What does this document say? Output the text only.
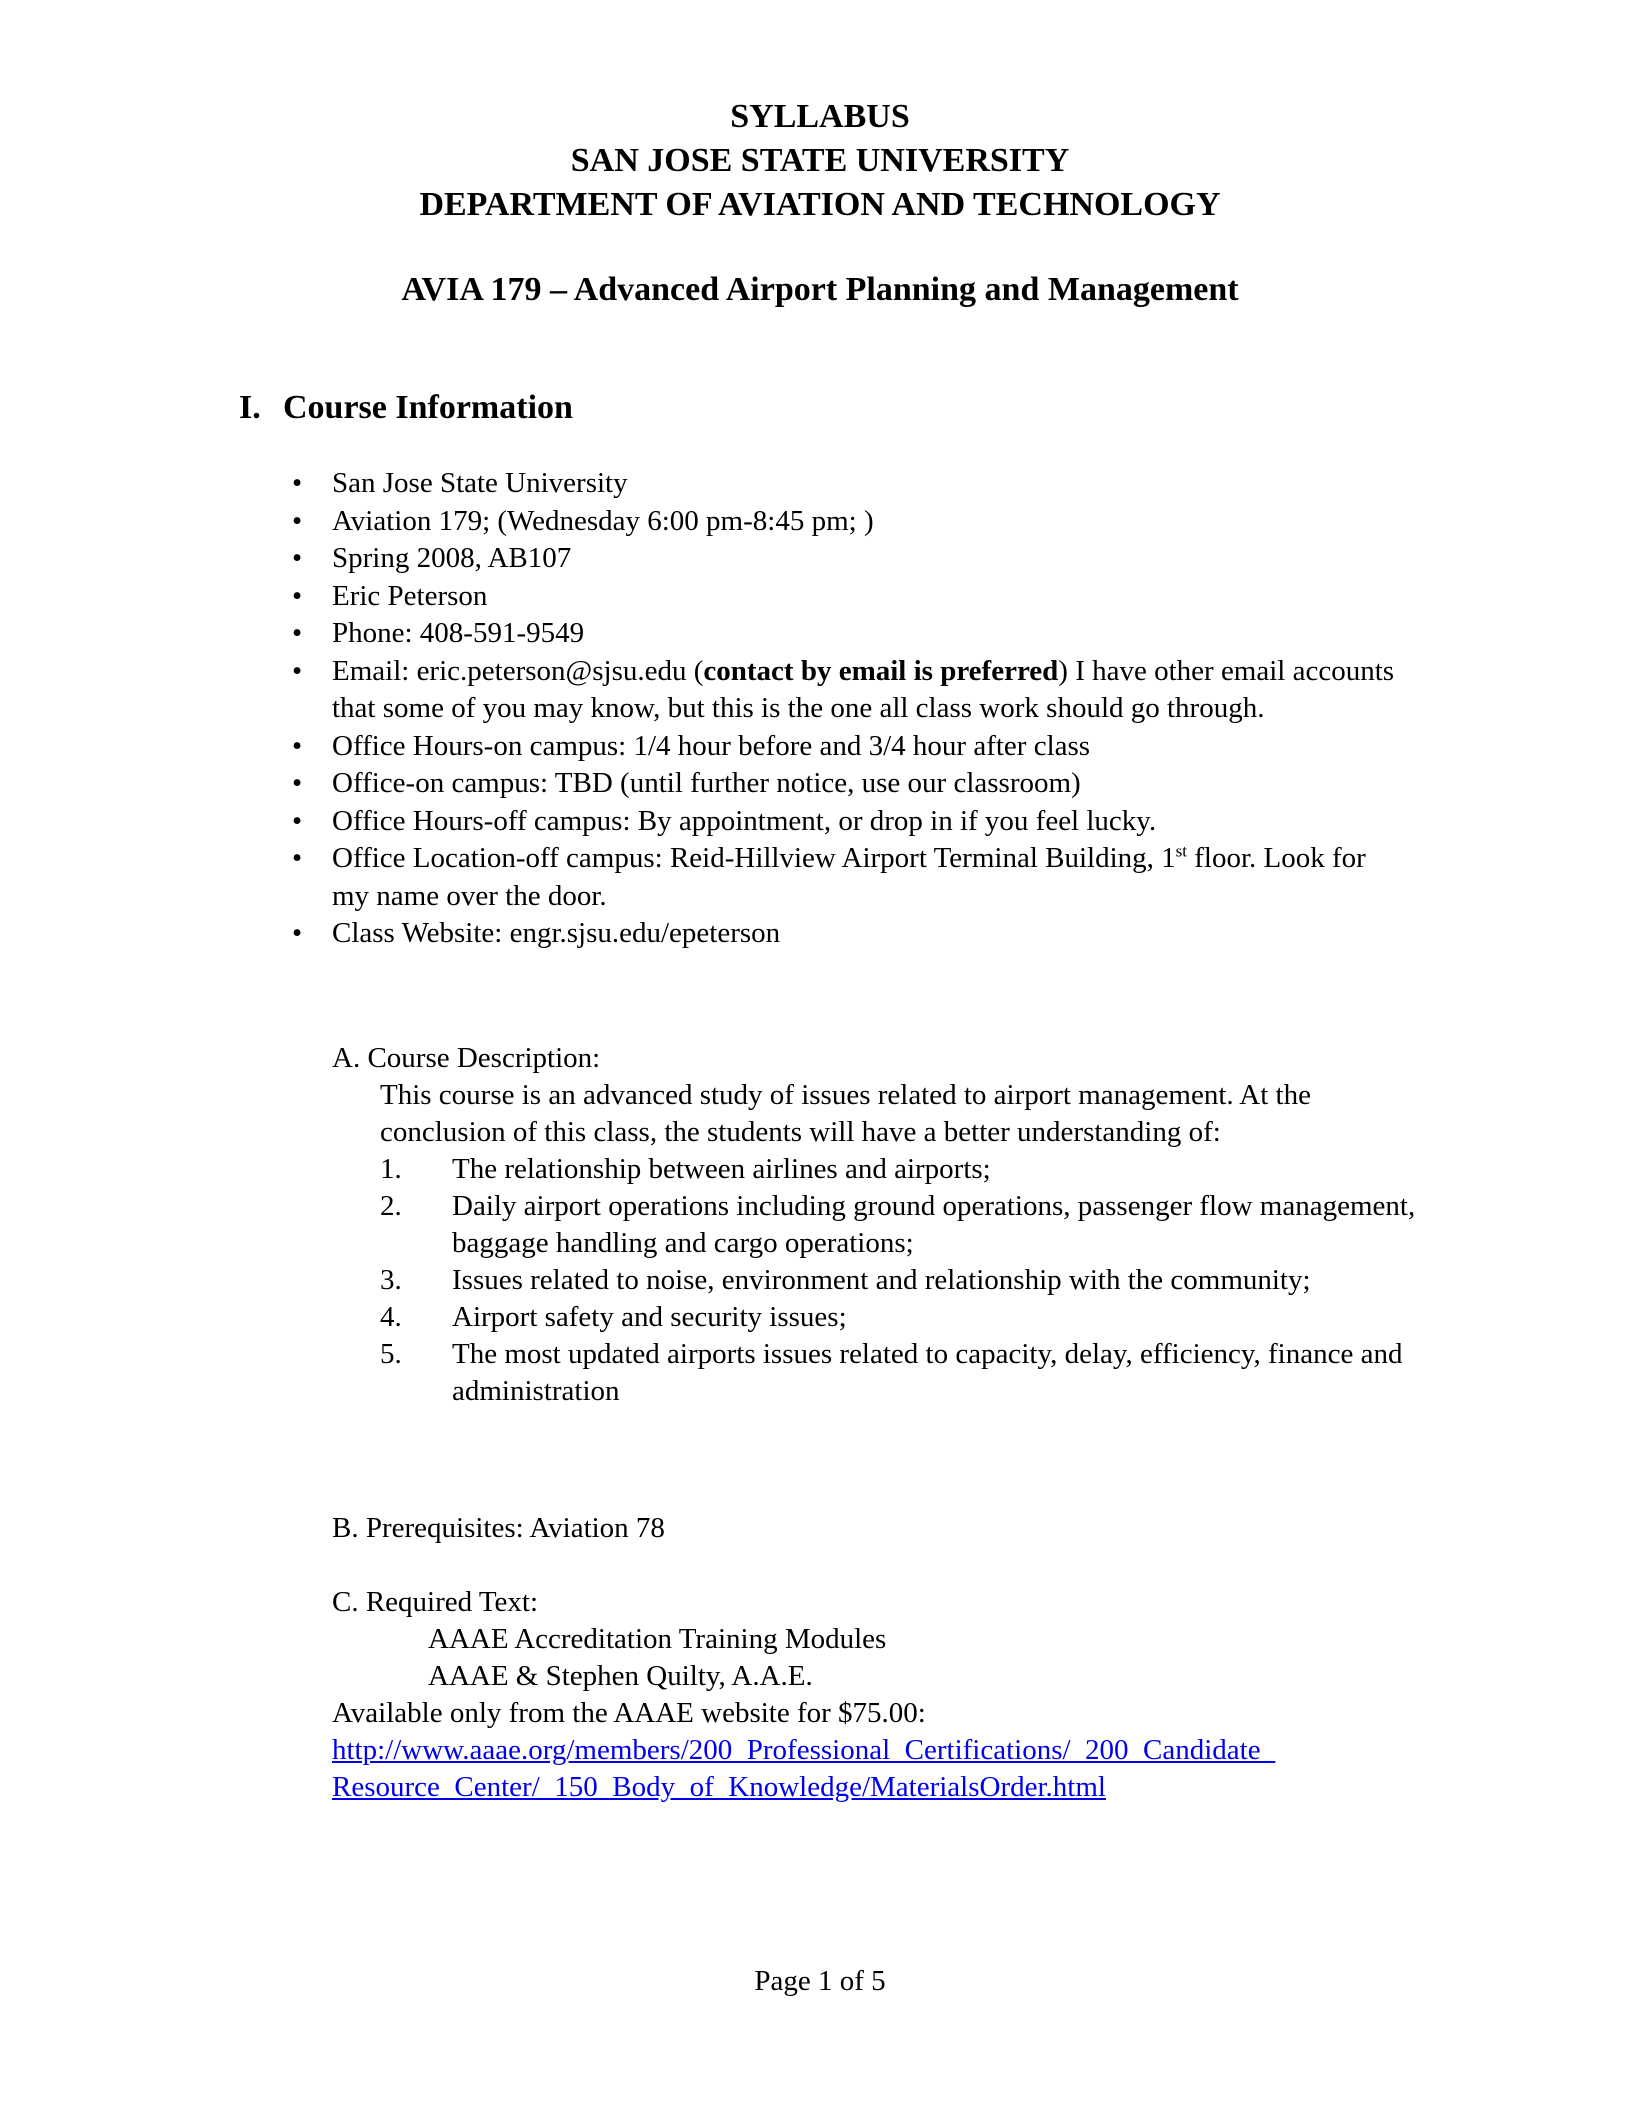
SYLLABUS
SAN JOSE STATE UNIVERSITY
DEPARTMENT OF AVIATION AND TECHNOLOGY
AVIA 179 – Advanced Airport Planning and Management
I. Course Information
• San Jose State University
• Aviation 179; (Wednesday 6:00 pm-8:45 pm; )
• Spring 2008, AB107
• Eric Peterson
• Phone: 408-591-9549
• Email: eric.peterson@sjsu.edu (contact by email is preferred) I have other email accounts that some of you may know, but this is the one all class work should go through.
• Office Hours-on campus: 1/4 hour before and 3/4 hour after class
• Office-on campus: TBD (until further notice, use our classroom)
• Office Hours-off campus: By appointment, or drop in if you feel lucky.
• Office Location-off campus: Reid-Hillview Airport Terminal Building, 1st floor. Look for my name over the door.
• Class Website: engr.sjsu.edu/epeterson
A. Course Description:
This course is an advanced study of issues related to airport management. At the conclusion of this class, the students will have a better understanding of:
1. The relationship between airlines and airports;
2. Daily airport operations including ground operations, passenger flow management, baggage handling and cargo operations;
3. Issues related to noise, environment and relationship with the community;
4. Airport safety and security issues;
5. The most updated airports issues related to capacity, delay, efficiency, finance and administration
B. Prerequisites: Aviation 78
C. Required Text:
AAAE Accreditation Training Modules
AAAE & Stephen Quilty, A.A.E.
Available only from the AAAE website for $75.00:
http://www.aaae.org/members/200_Professional_Certifications/_200_Candidate_
Resource_Center/_150_Body_of_Knowledge/MaterialsOrder.html
Page 1 of 5
